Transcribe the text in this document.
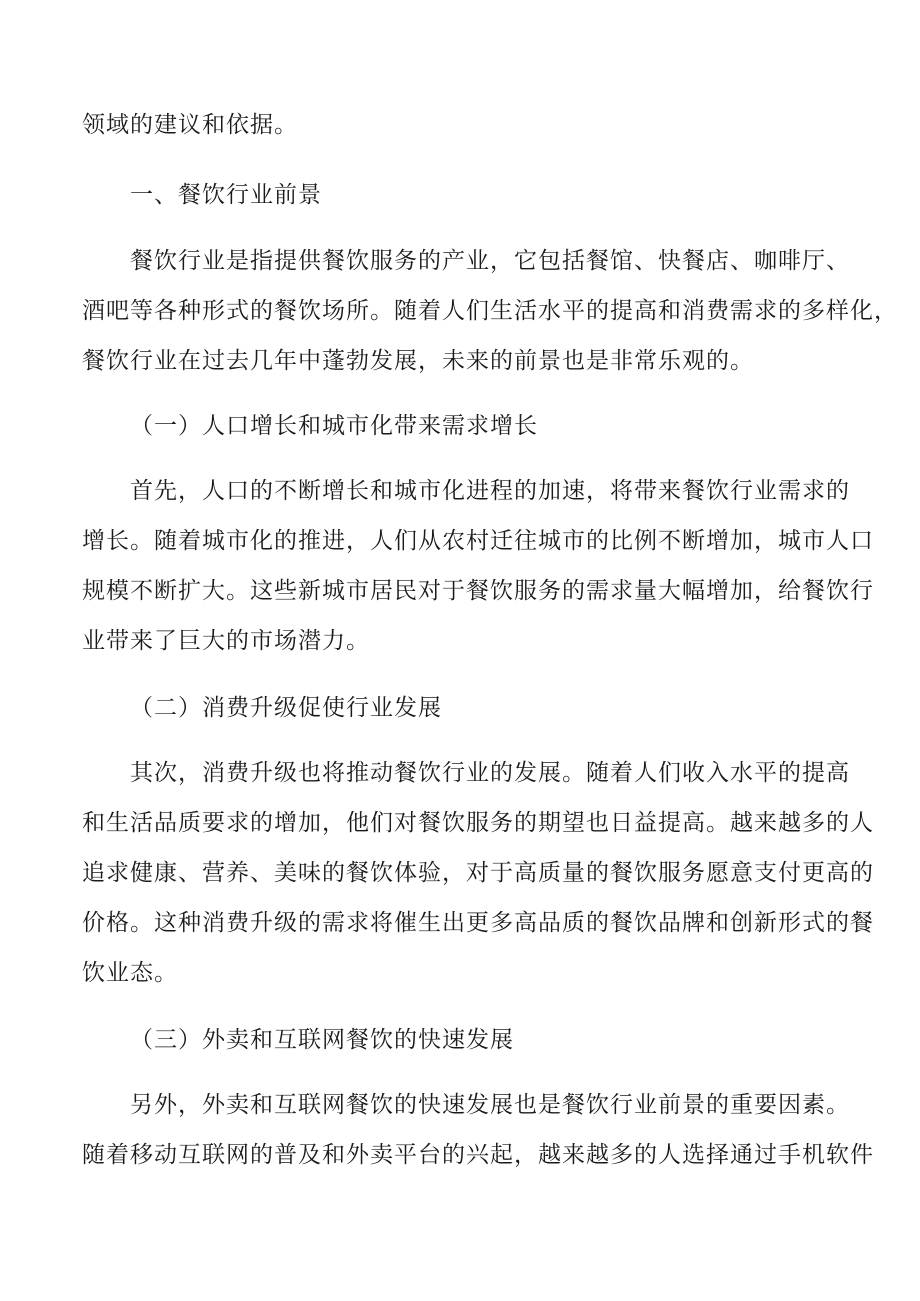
领域的建议和依据。
一、餐饮行业前景
餐饮行业是指提供餐饮服务的产业，它包括餐馆、快餐店、咖啡厅、
酒吧等各种形式的餐饮场所。随着人们生活水平的提高和消费需求的多样化，
餐饮行业在过去几年中蓬勃发展，未来的前景也是非常乐观的。
（一）人口增长和城市化带来需求增长
首先，人口的不断增长和城市化进程的加速，将带来餐饮行业需求的
增长。随着城市化的推进，人们从农村迁往城市的比例不断增加，城市人口
规模不断扩大。这些新城市居民对于餐饮服务的需求量大幅增加，给餐饮行
业带来了巨大的市场潜力。
（二）消费升级促使行业发展
其次，消费升级也将推动餐饮行业的发展。随着人们收入水平的提高
和生活品质要求的增加，他们对餐饮服务的期望也日益提高。越来越多的人
追求健康、营养、美味的餐饮体验，对于高质量的餐饮服务愿意支付更高的
价格。这种消费升级的需求将催生出更多高品质的餐饮品牌和创新形式的餐
饮业态。
（三）外卖和互联网餐饮的快速发展
另外，外卖和互联网餐饮的快速发展也是餐饮行业前景的重要因素。
随着移动互联网的普及和外卖平台的兴起，越来越多的人选择通过手机软件
